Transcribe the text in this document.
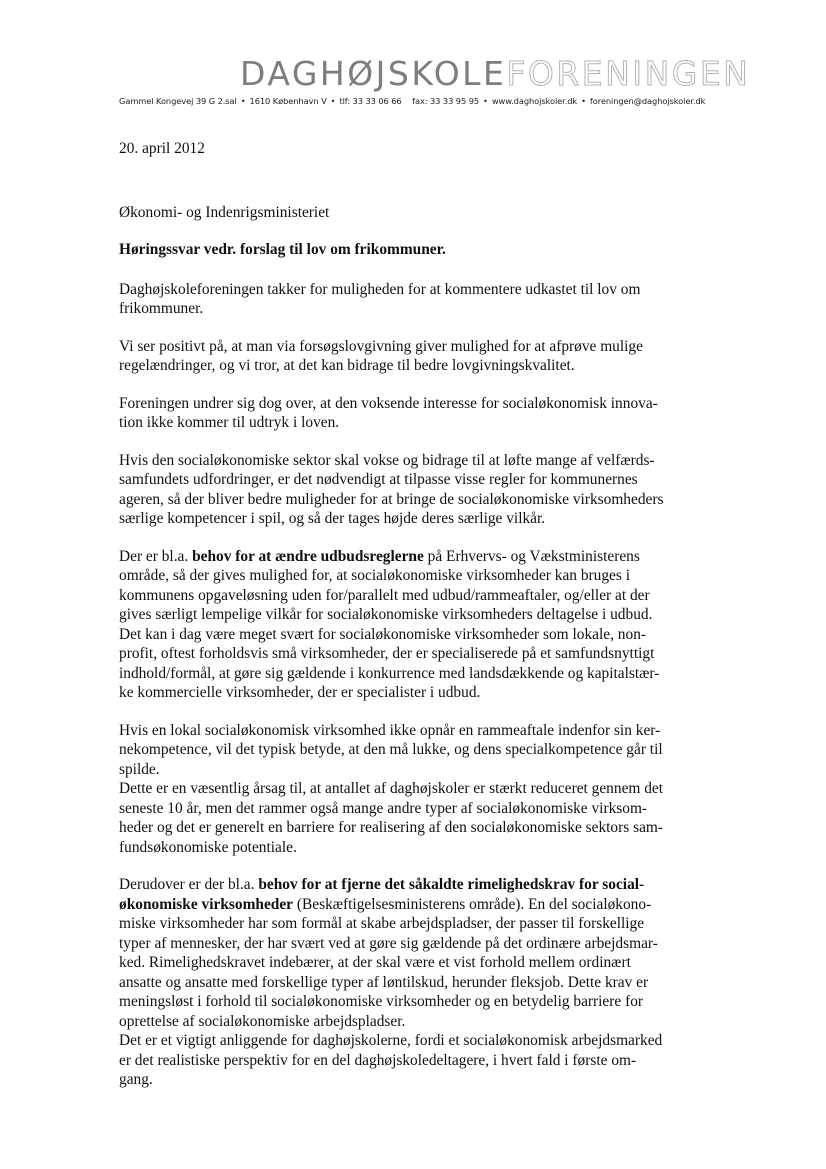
DAGHØJSKOLEFORENINGEN
Gammel Kongevej 39 G 2.sal • 1610 København V • tlf: 33 33 06 66 fax: 33 33 95 95 • www.daghojskoler.dk • foreningen@daghojskoler.dk

20. april 2012

Økonomi- og Indenrigsministeriet

Høringssvar vedr. forslag til lov om frikommuner.

Daghøjskoleforeningen takker for muligheden for at kommentere udkastet til lov om
frikommuner.

Vi ser positivt på, at man via forsøgslovgivning giver mulighed for at afprøve mulige
regelændringer, og vi tror, at det kan bidrage til bedre lovgivningskvalitet.

Foreningen undrer sig dog over, at den voksende interesse for socialøkonomisk innova-
tion ikke kommer til udtryk i loven.

Hvis den socialøkonomiske sektor skal vokse og bidrage til at løfte mange af velfærds-
samfundets udfordringer, er det nødvendigt at tilpasse visse regler for kommunernes
ageren, så der bliver bedre muligheder for at bringe de socialøkonomiske virksomheders
særlige kompetencer i spil, og så der tages højde deres særlige vilkår.

Der er bl.a. behov for at ændre udbudsreglerne på Erhvervs- og Vækstministerens
område, så der gives mulighed for, at socialøkonomiske virksomheder kan bruges i
kommunens opgaveløsning uden for/parallelt med udbud/rammeaftaler, og/eller at der
gives særligt lempelige vilkår for socialøkonomiske virksomheders deltagelse i udbud.
Det kan i dag være meget svært for socialøkonomiske virksomheder som lokale, non-
profit, oftest forholdsvis små virksomheder, der er specialiserede på et samfundsnyttigt
indhold/formål, at gøre sig gældende i konkurrence med landsdækkende og kapitalstær-
ke kommercielle virksomheder, der er specialister i udbud.

Hvis en lokal socialøkonomisk virksomhed ikke opnår en rammeaftale indenfor sin ker-
nekompetence, vil det typisk betyde, at den må lukke, og dens specialkompetence går til
spilde.
Dette er en væsentlig årsag til, at antallet af daghøjskoler er stærkt reduceret gennem det
seneste 10 år, men det rammer også mange andre typer af socialøkonomiske virksom-
heder og det er generelt en barriere for realisering af den socialøkonomiske sektors sam-
fundsøkonomiske potentiale.

Derudover er der bl.a. behov for at fjerne det såkaldte rimelighedskrav for social-
økonomiske virksomheder (Beskæftigelsesministerens område). En del socialøkono-
miske virksomheder har som formål at skabe arbejdspladser, der passer til forskellige
typer af mennesker, der har svært ved at gøre sig gældende på det ordinære arbejdsmar-
ked. Rimelighedskravet indebærer, at der skal være et vist forhold mellem ordinært
ansatte og ansatte med forskellige typer af løntilskud, herunder fleksjob. Dette krav er
meningsløst i forhold til socialøkonomiske virksomheder og en betydelig barriere for
oprettelse af socialøkonomiske arbejdspladser.
Det er et vigtigt anliggende for daghøjskolerne, fordi et socialøkonomisk arbejdsmarked
er det realistiske perspektiv for en del daghøjskoledeltagere, i hvert fald i første om-
gang.
